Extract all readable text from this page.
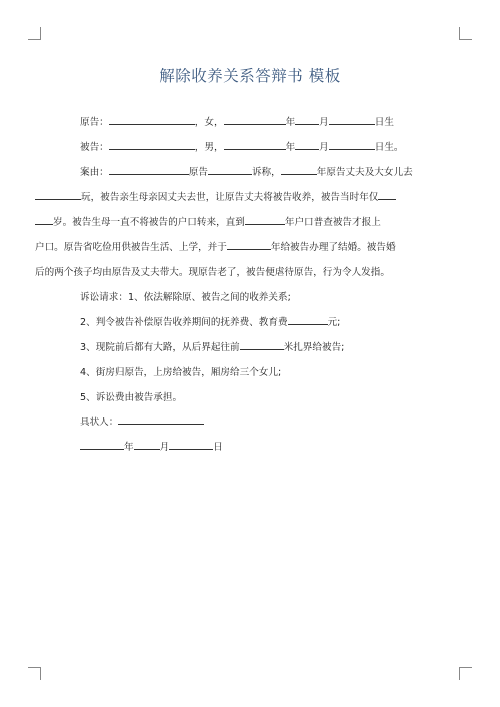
解除收养关系答辩书 模板
原告：	，女，	年	月	日生
被告：	，男，	年	月	日生。
案由：	原告	诉称，	年原告丈夫及大女儿去
玩，被告亲生母亲因丈夫去世，让原告丈夫将被告收养，被告当时年仅
岁。被告生母一直不将被告的户口转来，直到	年户口普查被告才报上
户口。原告省吃俭用供被告生活、上学，并于	年给被告办理了结婚。被告婚
后的两个孩子均由原告及丈夫带大。现原告老了，被告便虐待原告，行为令人发指。
诉讼请求：1、依法解除原、被告之间的收养关系;
2、判令被告补偿原告收养期间的抚养费、教育费	元;
3、现院前后都有大路，从后界起往前	米扎界给被告;
4、街房归原告，上房给被告，厢房给三个女儿;
5、诉讼费由被告承担。
具状人：
年	月	日
